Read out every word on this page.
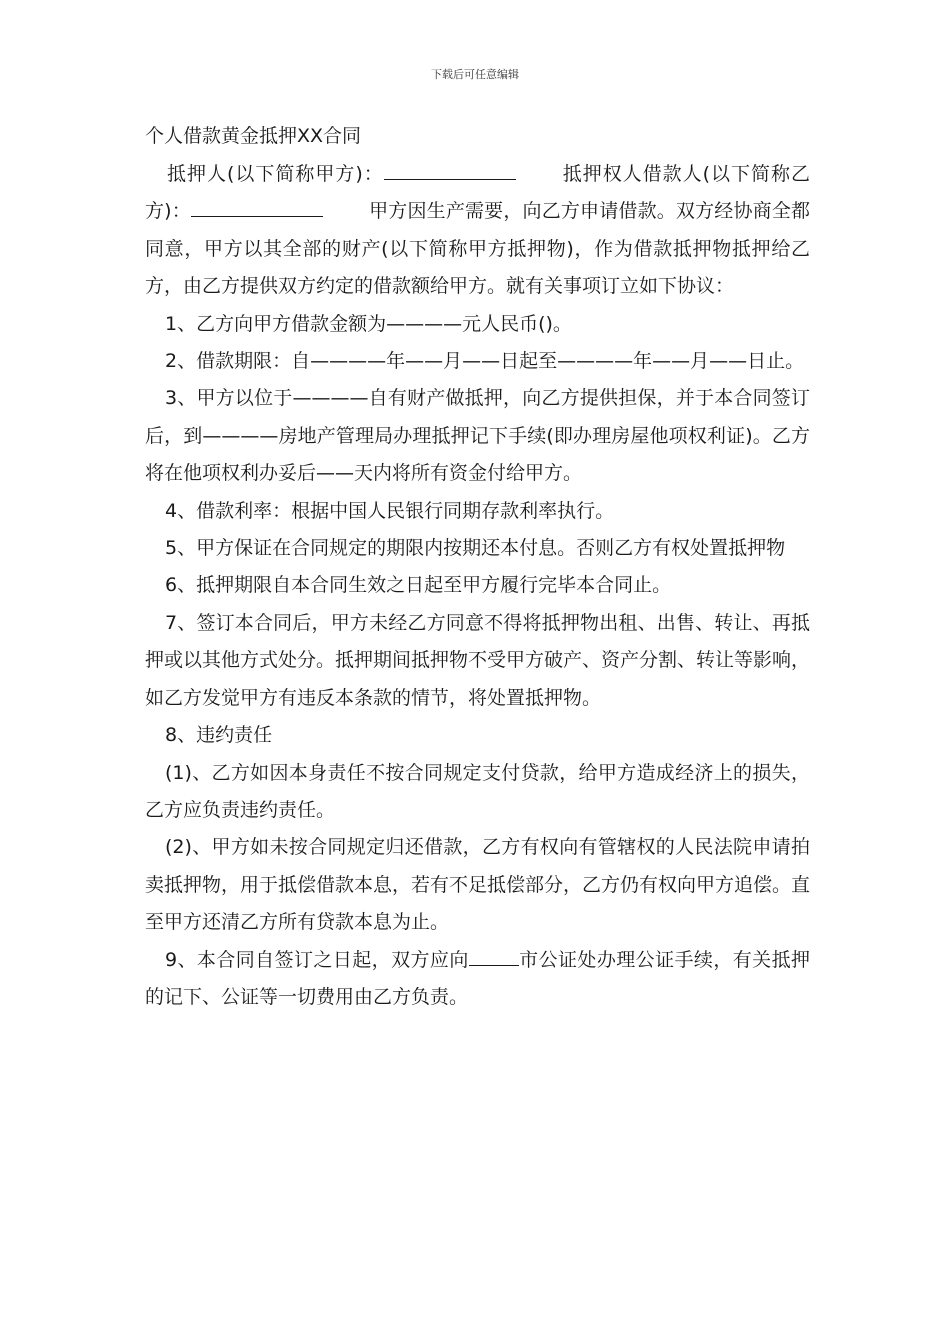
下载后可任意编辑

个人借款黄金抵押XX合同

抵押人(以下简称甲方)：	抵押权人借款人(以下简称乙方)：	甲方因生产需要，向乙方申请借款。双方经协商全都同意，甲方以其全部的财产(以下简称甲方抵押物)，作为借款抵押物抵押给乙方，由乙方提供双方约定的借款额给甲方。就有关事项订立如下协议：

1、乙方向甲方借款金额为————元人民币()。

2、借款期限：自————年——月——日起至————年——月——日止。

3、甲方以位于————自有财产做抵押，向乙方提供担保，并于本合同签订后，到————房地产管理局办理抵押记下手续(即办理房屋他项权利证)。乙方将在他项权利办妥后——天内将所有资金付给甲方。

4、借款利率：根据中国人民银行同期存款利率执行。

5、甲方保证在合同规定的期限内按期还本付息。否则乙方有权处置抵押物

6、抵押期限自本合同生效之日起至甲方履行完毕本合同止。

7、签订本合同后，甲方未经乙方同意不得将抵押物出租、出售、转让、再抵押或以其他方式处分。抵押期间抵押物不受甲方破产、资产分割、转让等影响，如乙方发觉甲方有违反本条款的情节，将处置抵押物。

8、违约责任

(1)、乙方如因本身责任不按合同规定支付贷款，给甲方造成经济上的损失，乙方应负责违约责任。

(2)、甲方如未按合同规定归还借款，乙方有权向有管辖权的人民法院申请拍卖抵押物，用于抵偿借款本息，若有不足抵偿部分，乙方仍有权向甲方追偿。直至甲方还清乙方所有贷款本息为止。

9、本合同自签订之日起，双方应向	市公证处办理公证手续，有关抵押的记下、公证等一切费用由乙方负责。
